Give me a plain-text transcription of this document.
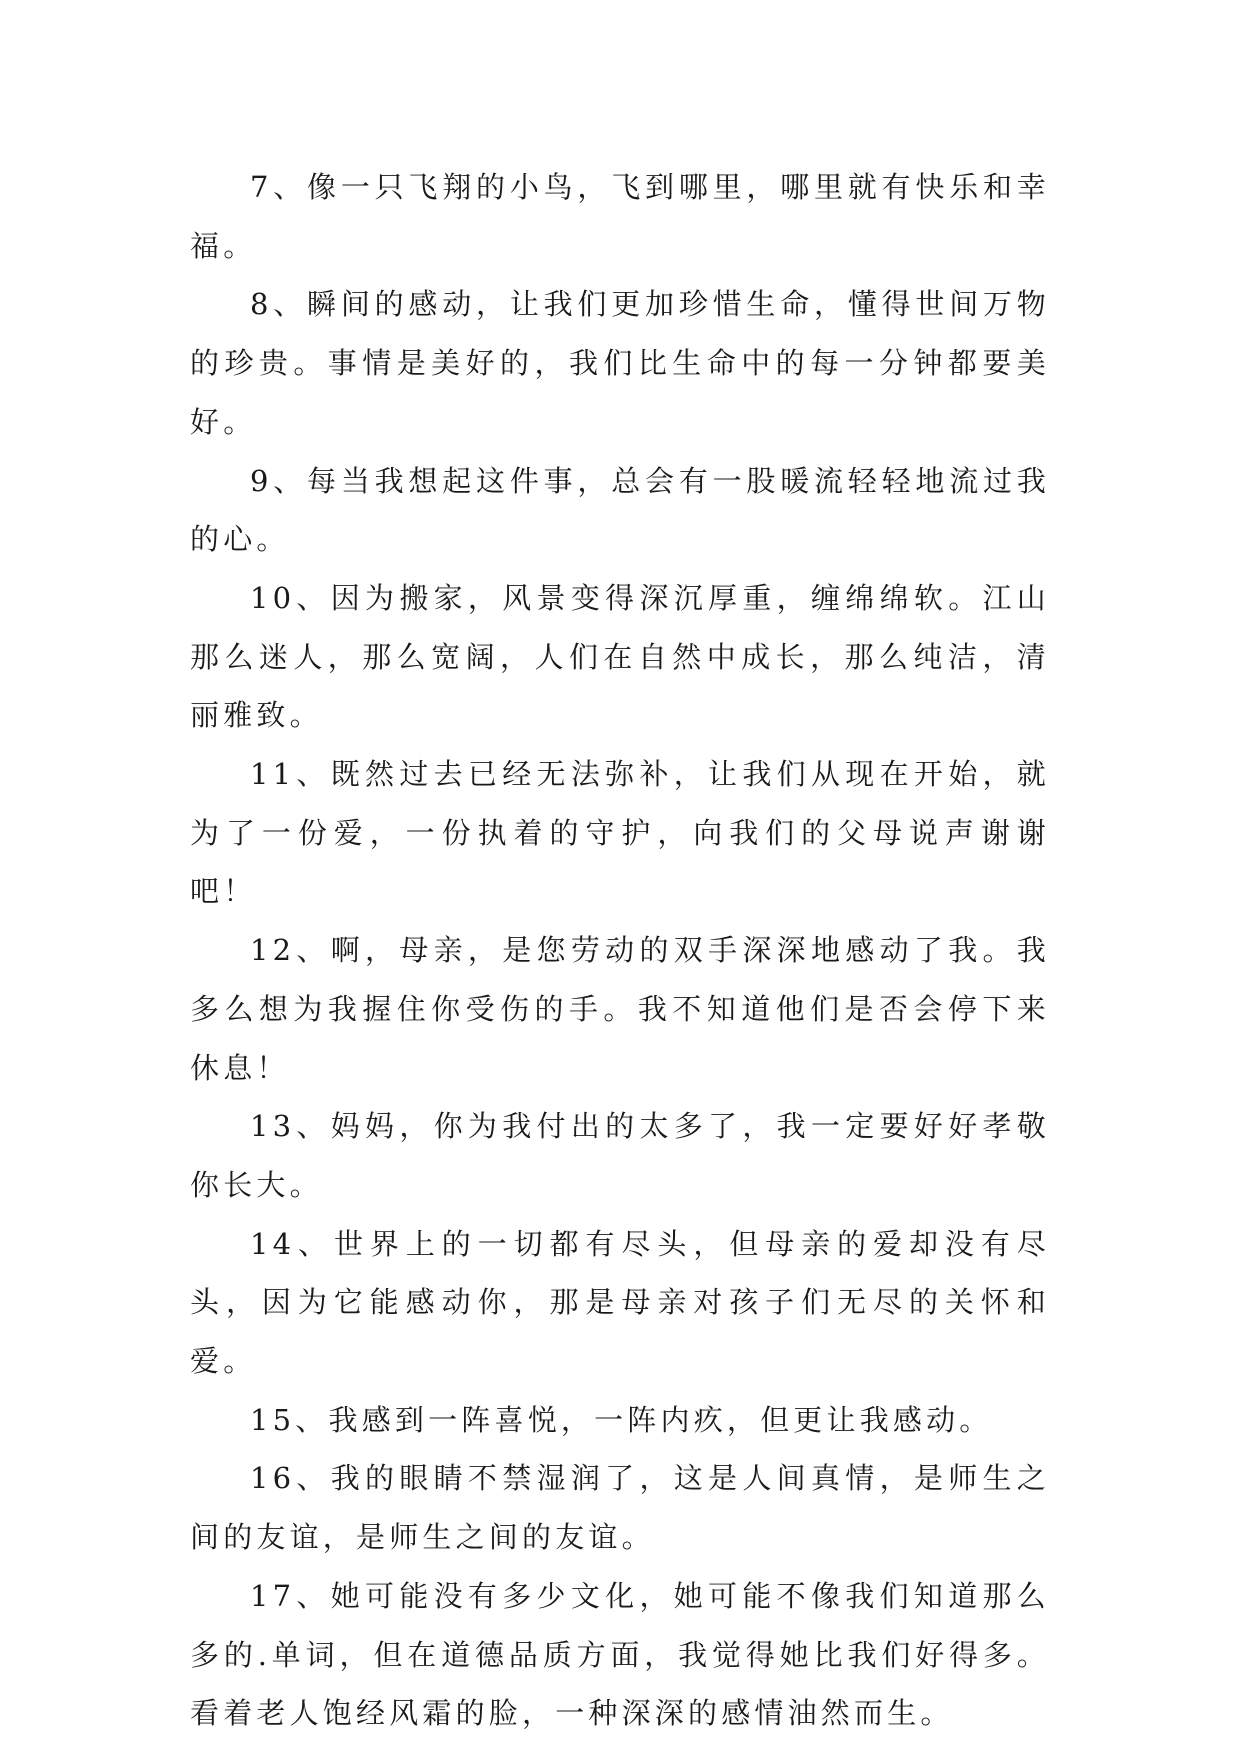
7、像一只飞翔的小鸟，飞到哪里，哪里就有快乐和幸福。

8、瞬间的感动，让我们更加珍惜生命，懂得世间万物的珍贵。事情是美好的，我们比生命中的每一分钟都要美好。

9、每当我想起这件事，总会有一股暖流轻轻地流过我的心。

10、因为搬家，风景变得深沉厚重，缠绵绵软。江山那么迷人，那么宽阔，人们在自然中成长，那么纯洁，清丽雅致。

11、既然过去已经无法弥补，让我们从现在开始，就为了一份爱，一份执着的守护，向我们的父母说声谢谢吧！

12、啊，母亲，是您劳动的双手深深地感动了我。我多么想为我握住你受伤的手。我不知道他们是否会停下来休息！

13、妈妈，你为我付出的太多了，我一定要好好孝敬你长大。

14、世界上的一切都有尽头，但母亲的爱却没有尽头，因为它能感动你，那是母亲对孩子们无尽的关怀和爱。

15、我感到一阵喜悦，一阵内疚，但更让我感动。

16、我的眼睛不禁湿润了，这是人间真情，是师生之间的友谊，是师生之间的友谊。

17、她可能没有多少文化，她可能不像我们知道那么多的.单词，但在道德品质方面，我觉得她比我们好得多。看着老人饱经风霜的脸，一种深深的感情油然而生。
